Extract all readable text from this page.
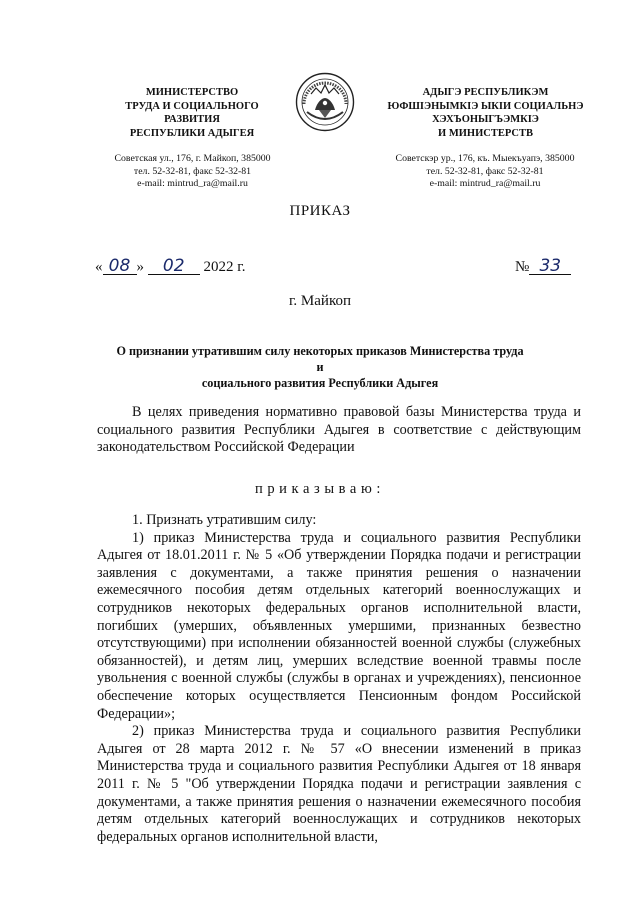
МИНИСТЕРСТВО
ТРУДА И СОЦИАЛЬНОГО
РАЗВИТИЯ
РЕСПУБЛИКИ АДЫГЕЯ
АДЫГЭ РЕСПУБЛИКЭМ
ЮФШІЭНЫМКІЭ ЫКІИ СОЦИАЛЬНЭ
ХЭХЪОНЫГЪЭМКІЭ
И МИНИСТЕРСТВ
Советская ул., 176, г. Майкоп, 385000
тел. 52-32-81, факс 52-32-81
e-mail: mintrud_ra@mail.ru
Советскэр ур., 176, къ. Мыекъуапэ, 385000
тел. 52-32-81, факс 52-32-81
e-mail: mintrud_ra@mail.ru
ПРИКАЗ
« 08 » 02 2022 г.	№ 33
г. Майкоп
О признании утратившим силу некоторых приказов Министерства труда и
социального развития Республики Адыгея

В целях приведения нормативно правовой базы Министерства труда и социального развития Республики Адыгея в соответствие с действующим законодательством Российской Федерации

приказываю:

1. Признать утратившим силу:

1) приказ Министерства труда и социального развития Республики Адыгея от 18.01.2011 г. № 5 «Об утверждении Порядка подачи и регистрации заявления с документами, а также принятия решения о назначении ежемесячного пособия детям отдельных категорий военнослужащих и сотрудников некоторых федеральных органов исполнительной власти, погибших (умерших, объявленных умершими, признанных безвестно отсутствующими) при исполнении обязанностей военной службы (служебных обязанностей), и детям лиц, умерших вследствие военной травмы после увольнения с военной службы (службы в органах и учреждениях), пенсионное обеспечение которых осуществляется Пенсионным фондом Российской Федерации»;

2) приказ Министерства труда и социального развития Республики Адыгея от 28 марта 2012 г. № 57 «О внесении изменений в приказ Министерства труда и социального развития Республики Адыгея от 18 января 2011 г. № 5 "Об утверждении Порядка подачи и регистрации заявления с документами, а также принятия решения о назначении ежемесячного пособия детям отдельных категорий военнослужащих и сотрудников некоторых федеральных органов исполнительной власти,
